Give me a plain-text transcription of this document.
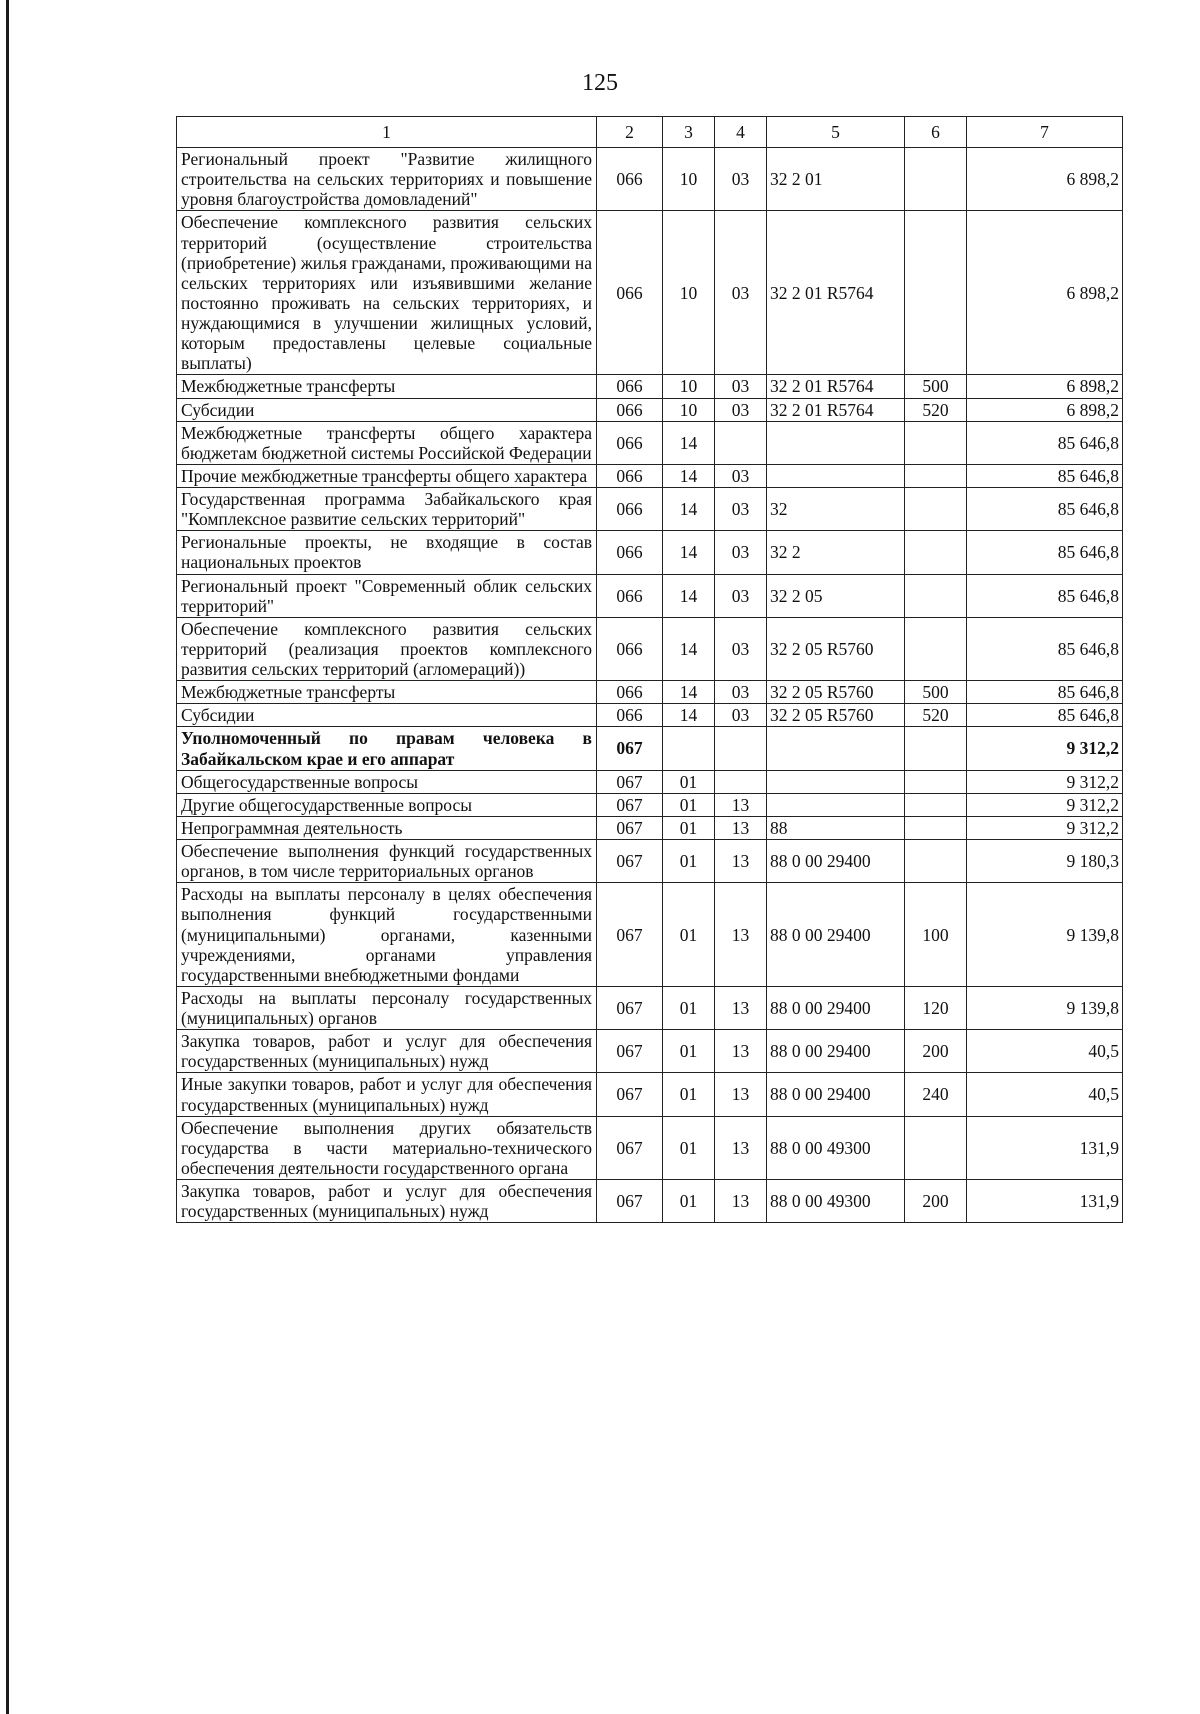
125
1	2	3	4	5	6	7
Региональный проект "Развитие жилищного строительства на сельских территориях и повышение уровня благоустройства домовладений"	066	10	03	32 2 01		6 898,2
Обеспечение комплексного развития сельских территорий (осуществление строительства (приобретение) жилья гражданами, проживающими на сельских территориях или изъявившими желание постоянно проживать на сельских территориях, и нуждающимися в улучшении жилищных условий, которым предоставлены целевые социальные выплаты)	066	10	03	32 2 01 R5764		6 898,2
Межбюджетные трансферты	066	10	03	32 2 01 R5764	500	6 898,2
Субсидии	066	10	03	32 2 01 R5764	520	6 898,2
Межбюджетные трансферты общего характера бюджетам бюджетной системы Российской Федерации	066	14				85 646,8
Прочие межбюджетные трансферты общего характера	066	14	03			85 646,8
Государственная программа Забайкальского края "Комплексное развитие сельских территорий"	066	14	03	32		85 646,8
Региональные проекты, не входящие в состав национальных проектов	066	14	03	32 2		85 646,8
Региональный проект "Современный облик сельских территорий"	066	14	03	32 2 05		85 646,8
Обеспечение комплексного развития сельских территорий (реализация проектов комплексного развития сельских территорий (агломераций))	066	14	03	32 2 05 R5760		85 646,8
Межбюджетные трансферты	066	14	03	32 2 05 R5760	500	85 646,8
Субсидии	066	14	03	32 2 05 R5760	520	85 646,8
Уполномоченный по правам человека в Забайкальском крае и его аппарат	067					9 312,2
Общегосударственные вопросы	067	01				9 312,2
Другие общегосударственные вопросы	067	01	13			9 312,2
Непрограммная деятельность	067	01	13	88		9 312,2
Обеспечение выполнения функций государственных органов, в том числе территориальных органов	067	01	13	88 0 00 29400		9 180,3
Расходы на выплаты персоналу в целях обеспечения выполнения функций государственными (муниципальными) органами, казенными учреждениями, органами управления государственными внебюджетными фондами	067	01	13	88 0 00 29400	100	9 139,8
Расходы на выплаты персоналу государственных (муниципальных) органов	067	01	13	88 0 00 29400	120	9 139,8
Закупка товаров, работ и услуг для обеспечения государственных (муниципальных) нужд	067	01	13	88 0 00 29400	200	40,5
Иные закупки товаров, работ и услуг для обеспечения государственных (муниципальных) нужд	067	01	13	88 0 00 29400	240	40,5
Обеспечение выполнения других обязательств государства в части материально-технического обеспечения деятельности государственного органа	067	01	13	88 0 00 49300		131,9
Закупка товаров, работ и услуг для обеспечения государственных (муниципальных) нужд	067	01	13	88 0 00 49300	200	131,9
